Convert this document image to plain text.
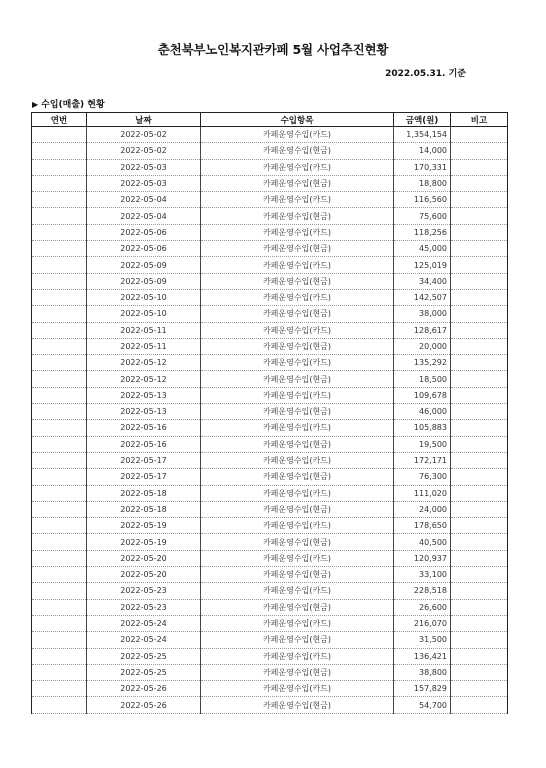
춘천북부노인복지관카페 5월 사업추진현황
2022.05.31. 기준
▶ 수입(매출) 현황
연번	날짜	수입항목	금액(원)	비고
	2022-05-02	카페운영수입(카드)	1,354,154	
	2022-05-02	카페운영수입(현금)	14,000	
	2022-05-03	카페운영수입(카드)	170,331	
	2022-05-03	카페운영수입(현금)	18,800	
	2022-05-04	카페운영수입(카드)	116,560	
	2022-05-04	카페운영수입(현금)	75,600	
	2022-05-06	카페운영수입(카드)	118,256	
	2022-05-06	카페운영수입(현금)	45,000	
	2022-05-09	카페운영수입(카드)	125,019	
	2022-05-09	카페운영수입(현금)	34,400	
	2022-05-10	카페운영수입(카드)	142,507	
	2022-05-10	카페운영수입(현금)	38,000	
	2022-05-11	카페운영수입(카드)	128,617	
	2022-05-11	카페운영수입(현금)	20,000	
	2022-05-12	카페운영수입(카드)	135,292	
	2022-05-12	카페운영수입(현금)	18,500	
	2022-05-13	카페운영수입(카드)	109,678	
	2022-05-13	카페운영수입(현금)	46,000	
	2022-05-16	카페운영수입(카드)	105,883	
	2022-05-16	카페운영수입(현금)	19,500	
	2022-05-17	카페운영수입(카드)	172,171	
	2022-05-17	카페운영수입(현금)	76,300	
	2022-05-18	카페운영수입(카드)	111,020	
	2022-05-18	카페운영수입(현금)	24,000	
	2022-05-19	카페운영수입(카드)	178,650	
	2022-05-19	카페운영수입(현금)	40,500	
	2022-05-20	카페운영수입(카드)	120,937	
	2022-05-20	카페운영수입(현금)	33,100	
	2022-05-23	카페운영수입(카드)	228,518	
	2022-05-23	카페운영수입(현금)	26,600	
	2022-05-24	카페운영수입(카드)	216,070	
	2022-05-24	카페운영수입(현금)	31,500	
	2022-05-25	카페운영수입(카드)	136,421	
	2022-05-25	카페운영수입(현금)	38,800	
	2022-05-26	카페운영수입(카드)	157,829	
	2022-05-26	카페운영수입(현금)	54,700	
